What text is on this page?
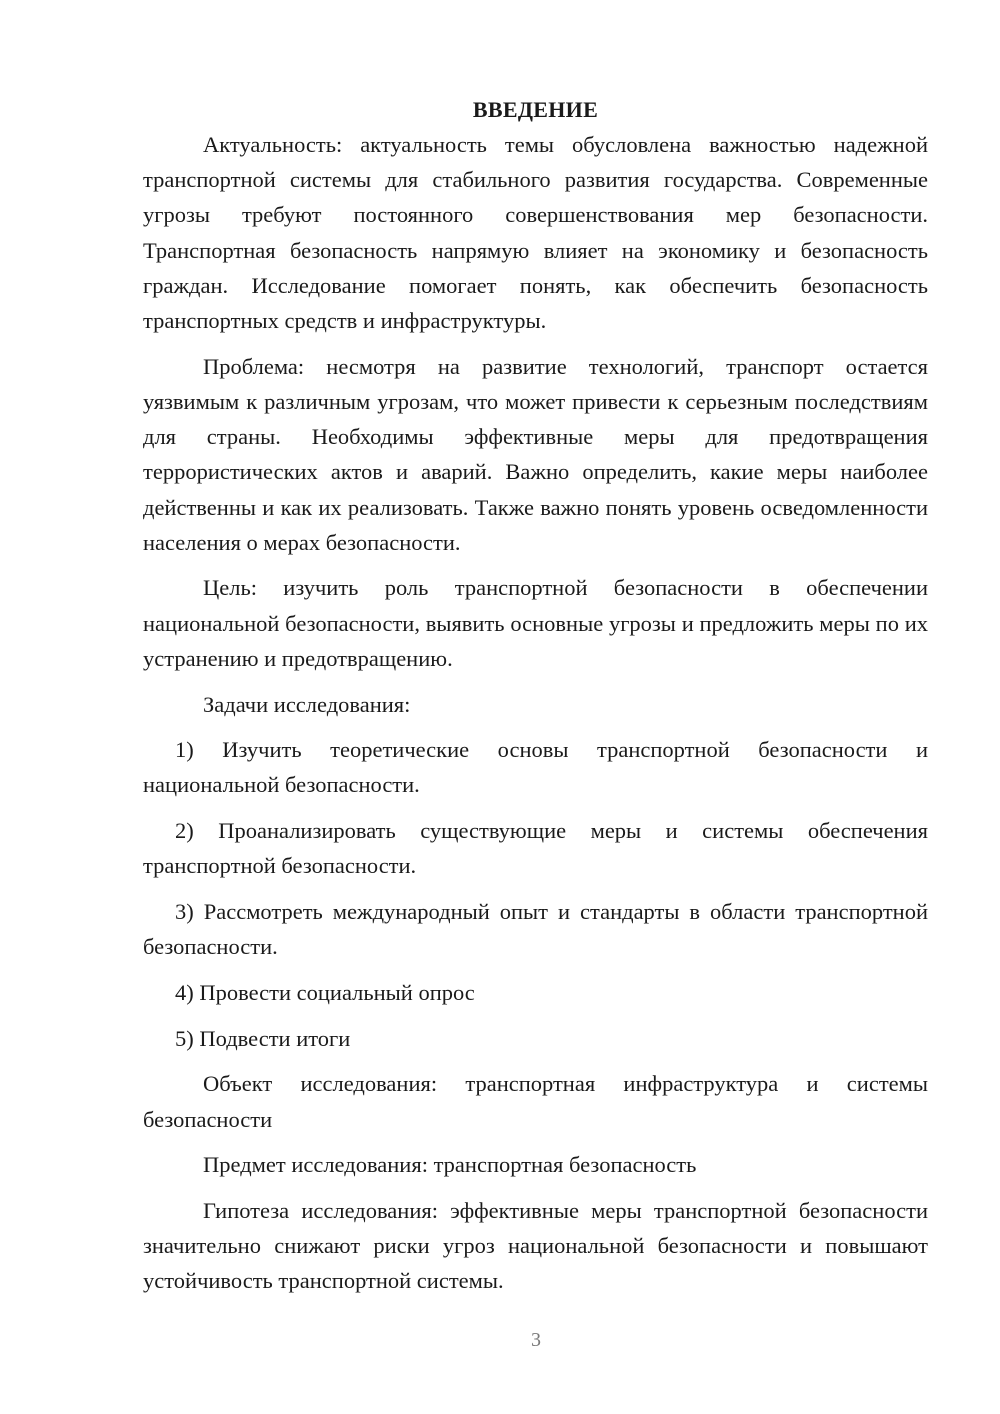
ВВЕДЕНИЕ

Актуальность: актуальность темы обусловлена важностью надежной транспортной системы для стабильного развития государства. Современные угрозы требуют постоянного совершенствования мер безопасности. Транспортная безопасность напрямую влияет на экономику и безопасность граждан. Исследование помогает понять, как обеспечить безопасность транспортных средств и инфраструктуры.

Проблема: несмотря на развитие технологий, транспорт остается уязвимым к различным угрозам, что может привести к серьезным последствиям для страны. Необходимы эффективные меры для предотвращения террористических актов и аварий. Важно определить, какие меры наиболее действенны и как их реализовать. Также важно понять уровень осведомленности населения о мерах безопасности.

Цель: изучить роль транспортной безопасности в обеспечении национальной безопасности, выявить основные угрозы и предложить меры по их устранению и предотвращению.

Задачи исследования:

1) Изучить теоретические основы транспортной безопасности и национальной безопасности.

2) Проанализировать существующие меры и системы обеспечения транспортной безопасности.

3) Рассмотреть международный опыт и стандарты в области транспортной безопасности.

4) Провести социальный опрос

5) Подвести итоги

Объект исследования: транспортная инфраструктура и системы безопасности

Предмет исследования: транспортная безопасность

Гипотеза исследования: эффективные меры транспортной безопасности значительно снижают риски угроз национальной безопасности и повышают устойчивость транспортной системы.

3
